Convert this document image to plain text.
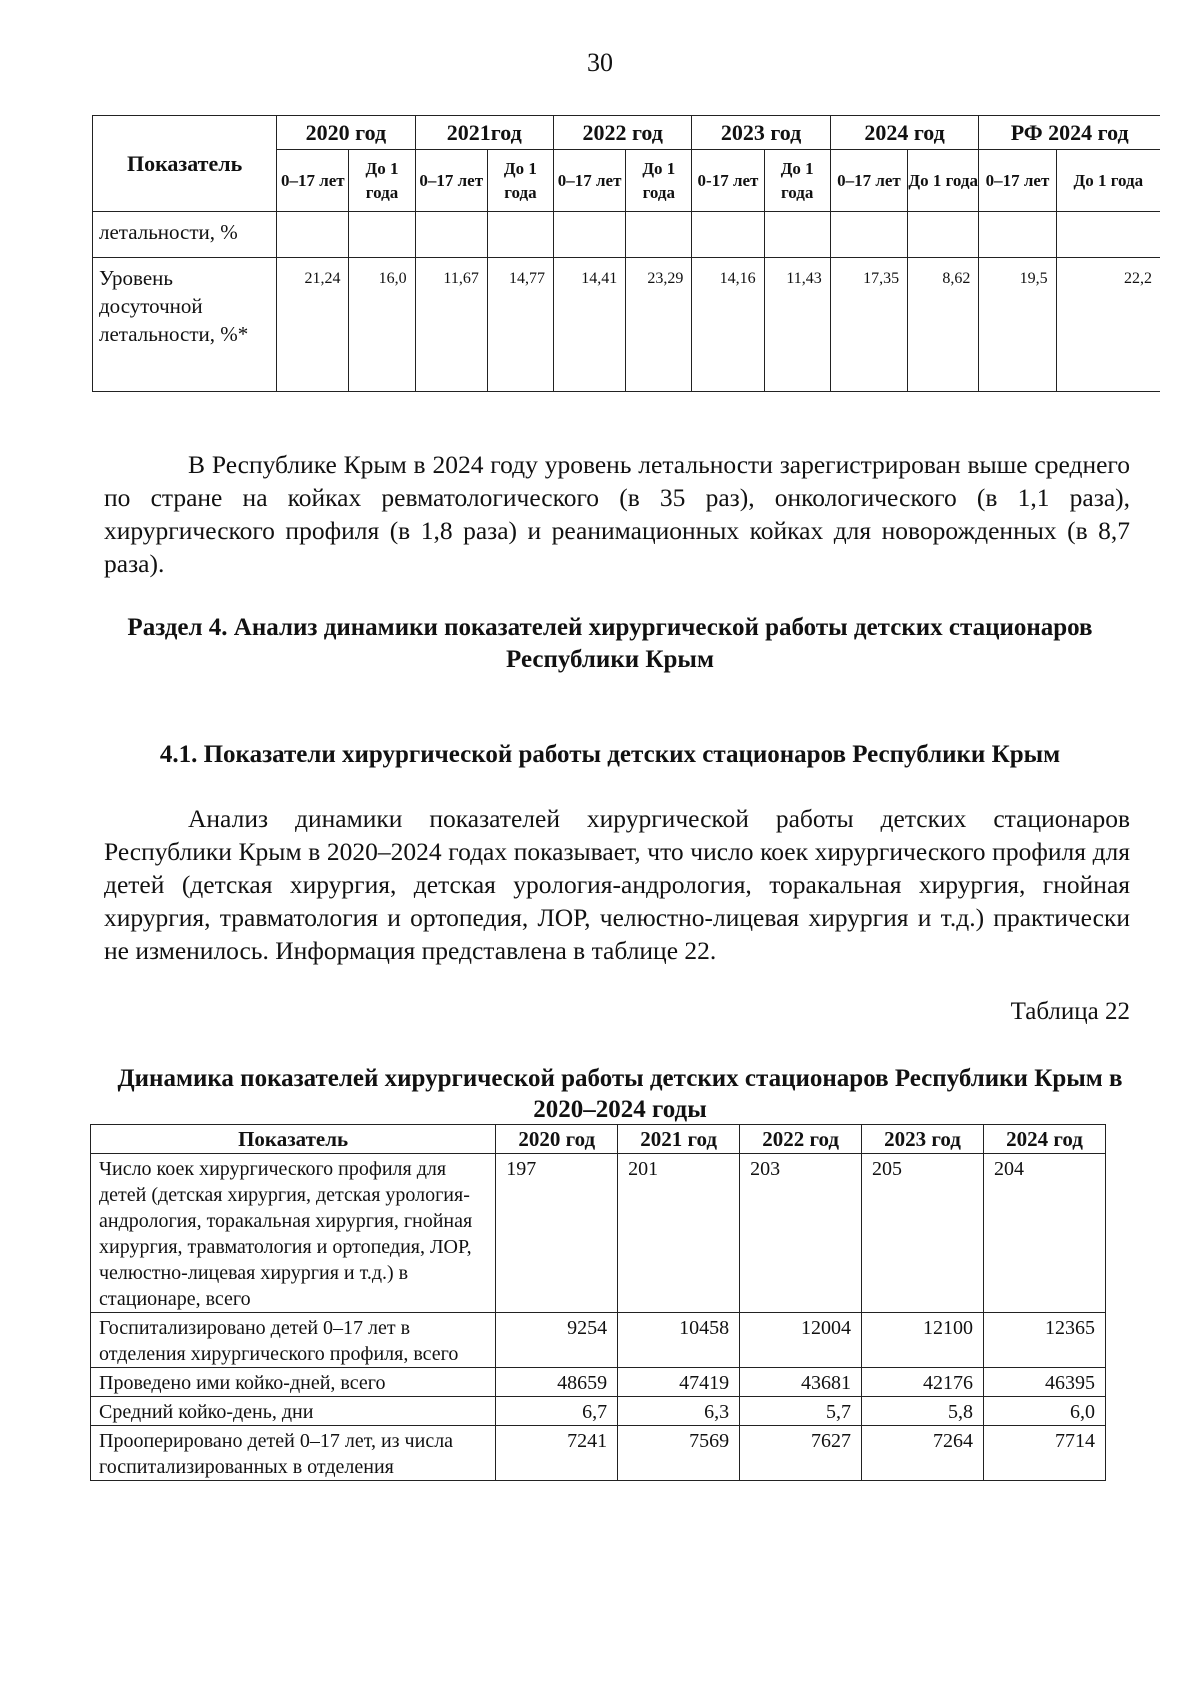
30
Показатель	2020 год		2021год		2022 год		2023 год		2024 год		РФ 2024 год	
	0–17 лет	До 1 года	0–17 лет	До 1 года	0–17 лет	До 1 года	0-17 лет	До 1 года	0–17 лет	До 1 года	0–17 лет	До 1 года
летальности, %												
Уровень досуточной летальности, %*	21,24	16,0	11,67	14,77	14,41	23,29	14,16	11,43	17,35	8,62	19,5	22,2

В Республике Крым в 2024 году уровень летальности зарегистрирован выше среднего по стране на койках ревматологического (в 35 раз), онкологического (в 1,1 раза), хирургического профиля (в 1,8 раза) и реанимационных койках для новорожденных (в 8,7 раза).

Раздел 4. Анализ динамики показателей хирургической работы детских стационаров Республики Крым

4.1. Показатели хирургической работы детских стационаров Республики Крым

Анализ динамики показателей хирургической работы детских стационаров Республики Крым в 2020–2024 годах показывает, что число коек хирургического профиля для детей (детская хирургия, детская урология-андрология, торакальная хирургия, гнойная хирургия, травматология и ортопедия, ЛОР, челюстно-лицевая хирургия и т.д.) практически не изменилось. Информация представлена в таблице 22.

Таблица 22

Динамика показателей хирургической работы детских стационаров Республики Крым в 2020–2024 годы

Показатель	2020 год	2021 год	2022 год	2023 год	2024 год
Число коек хирургического профиля для детей (детская хирургия, детская урология-андрология, торакальная хирургия, гнойная хирургия, травматология и ортопедия, ЛОР, челюстно-лицевая хирургия и т.д.) в стационаре, всего	197	201	203	205	204
Госпитализировано детей 0–17 лет в отделения хирургического профиля, всего	9254	10458	12004	12100	12365
Проведено ими койко-дней, всего	48659	47419	43681	42176	46395
Средний койко-день, дни	6,7	6,3	5,7	5,8	6,0
Прооперировано детей 0–17 лет, из числа госпитализированных в отделения	7241	7569	7627	7264	7714
